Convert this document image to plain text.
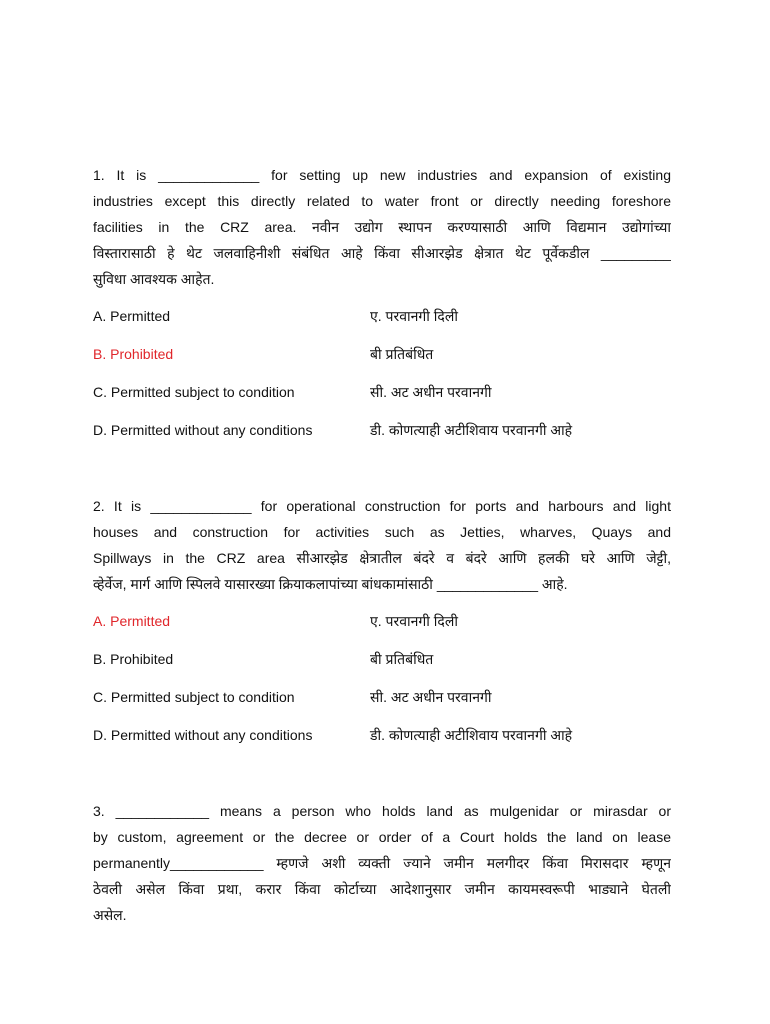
1. It is _____________ for setting up new industries and expansion of existing
industries except this directly related to water front or directly needing foreshore
facilities in the CRZ area. नवीन उद्योग स्थापन करण्यासाठी आणि विद्यमान उद्योगांच्या
विस्तारासाठी हे थेट जलवाहिनीशी संबंधित आहे किंवा सीआरझेड क्षेत्रात थेट पूर्वेकडील _________
सुविधा आवश्यक आहेत.
A. Permitted	ए. परवानगी दिली
B. Prohibited	बी प्रतिबंधित
C. Permitted subject to condition	सी. अट अधीन परवानगी
D. Permitted without any conditions	डी. कोणत्याही अटीशिवाय परवानगी आहे
2. It is _____________ for operational construction for ports and harbours and light
houses and construction for activities such as Jetties, wharves, Quays and
Spillways in the CRZ area सीआरझेड क्षेत्रातील बंदरे व बंदरे आणि हलकी घरे आणि जेट्टी,
व्हेर्वेज, मार्ग आणि स्पिलवे यासारख्या क्रियाकलापांच्या बांधकामांसाठी _____________ आहे.
A. Permitted	ए. परवानगी दिली
B. Prohibited	बी प्रतिबंधित
C. Permitted subject to condition	सी. अट अधीन परवानगी
D. Permitted without any conditions	डी. कोणत्याही अटीशिवाय परवानगी आहे
3. ____________ means a person who holds land as mulgenidar or mirasdar or
by custom, agreement or the decree or order of a Court holds the land on lease
permanently____________ म्हणजे अशी व्यक्ती ज्याने जमीन मलगीदर किंवा मिरासदार म्हणून
ठेवली असेल किंवा प्रथा, करार किंवा कोर्टाच्या आदेशानुसार जमीन कायमस्वरूपी भाड्याने घेतली
असेल.
